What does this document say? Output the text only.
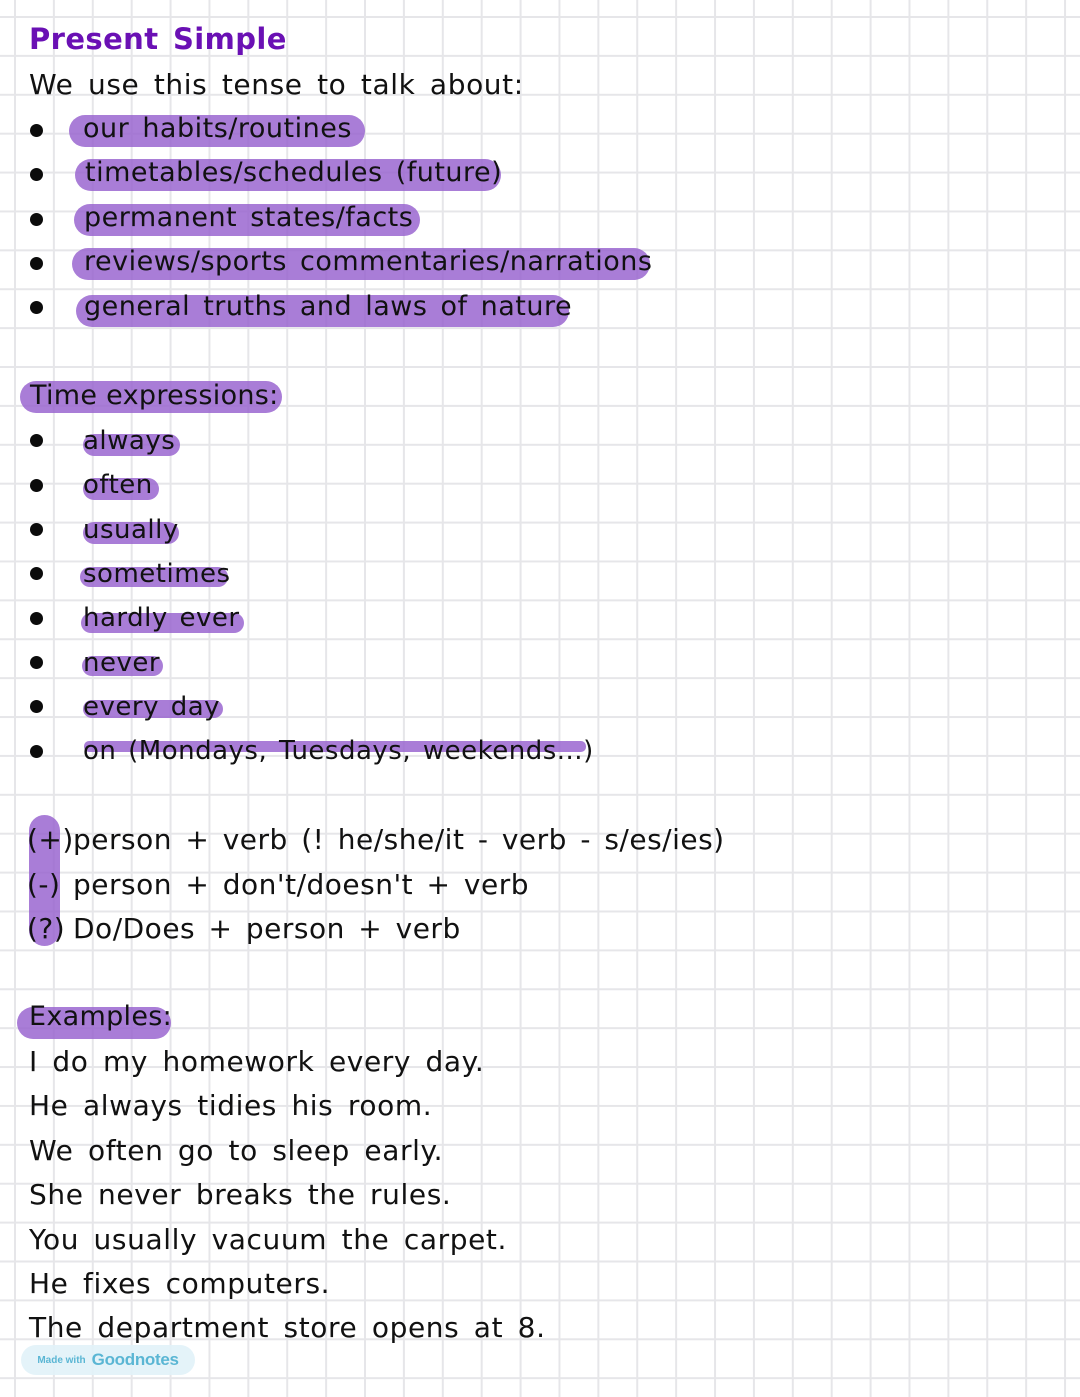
Present Simple
We use this tense to talk about:
our habits/routines
timetables/schedules (future)
permanent states/facts
reviews/sports commentaries/narrations
general truths and laws of nature
Time expressions:
always
often
usually
sometimes
hardly ever
never
every day
on (Mondays, Tuesdays, weekends...)
(+)person + verb (! he/she/it - verb - s/es/ies)
(-) person + don't/doesn't + verb
(?) Do/Does + person + verb
Examples:
I do my homework every day.
He always tidies his room.
We often go to sleep early.
She never breaks the rules.
You usually vacuum the carpet.
He fixes computers.
The department store opens at 8.
Made with Goodnotes
